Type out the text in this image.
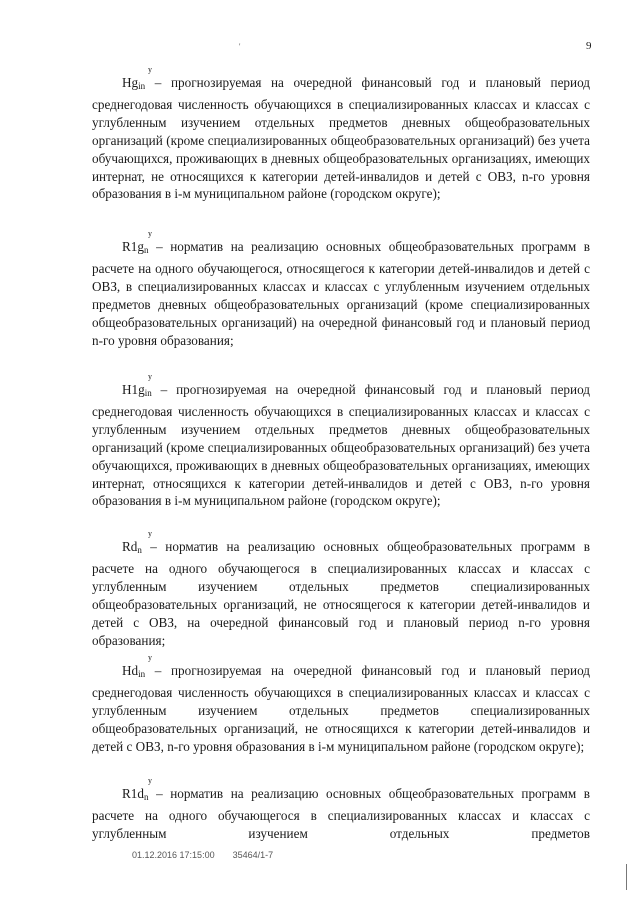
'	9
y
$Hg_{in}$ – прогнозируемая на очередной финансовый год и плановый период среднегодовая численность обучающихся в специализированных классах и классах с углубленным изучением отдельных предметов дневных общеобразовательных организаций (кроме специализированных общеобразовательных организаций) без учета обучающихся, проживающих в дневных общеобразовательных организациях, имеющих интернат, не относящихся к категории детей-инвалидов и детей с ОВЗ, n-го уровня образования в i-м муниципальном районе (городском округе);
y
$R1g_n$ – норматив на реализацию основных общеобразовательных программ в расчете на одного обучающегося, относящегося к категории детей-инвалидов и детей с ОВЗ, в специализированных классах и классах с углубленным изучением отдельных предметов дневных общеобразовательных организаций (кроме специализированных общеобразовательных организаций) на очередной финансовый год и плановый период n-го уровня образования;
y
$H1g_{in}$ – прогнозируемая на очередной финансовый год и плановый период среднегодовая численность обучающихся в специализированных классах и классах с углубленным изучением отдельных предметов дневных общеобразовательных организаций (кроме специализированных общеобразовательных организаций) без учета обучающихся, проживающих в дневных общеобразовательных организациях, имеющих интернат, относящихся к категории детей-инвалидов и детей с ОВЗ, n-го уровня образования в i-м муниципальном районе (городском округе);
y
$Rd_n$ – норматив на реализацию основных общеобразовательных программ в расчете на одного обучающегося в специализированных классах и классах с углубленным изучением отдельных предметов специализированных общеобразовательных организаций, не относящегося к категории детей-инвалидов и детей с ОВЗ, на очередной финансовый год и плановый период n-го уровня образования;
y
$Hd_{in}$ – прогнозируемая на очередной финансовый год и плановый период среднегодовая численность обучающихся в специализированных классах и классах с углубленным изучением отдельных предметов специализированных общеобразовательных организаций, не относящихся к категории детей-инвалидов и детей с ОВЗ, n-го уровня образования в i-м муниципальном районе (городском округе);
y
$R1d_n$ – норматив на реализацию основных общеобразовательных программ в расчете на одного обучающегося в специализированных классах и классах с углубленным изучением отдельных предметов
01.12.2016 17:15:00 35464/1-7
